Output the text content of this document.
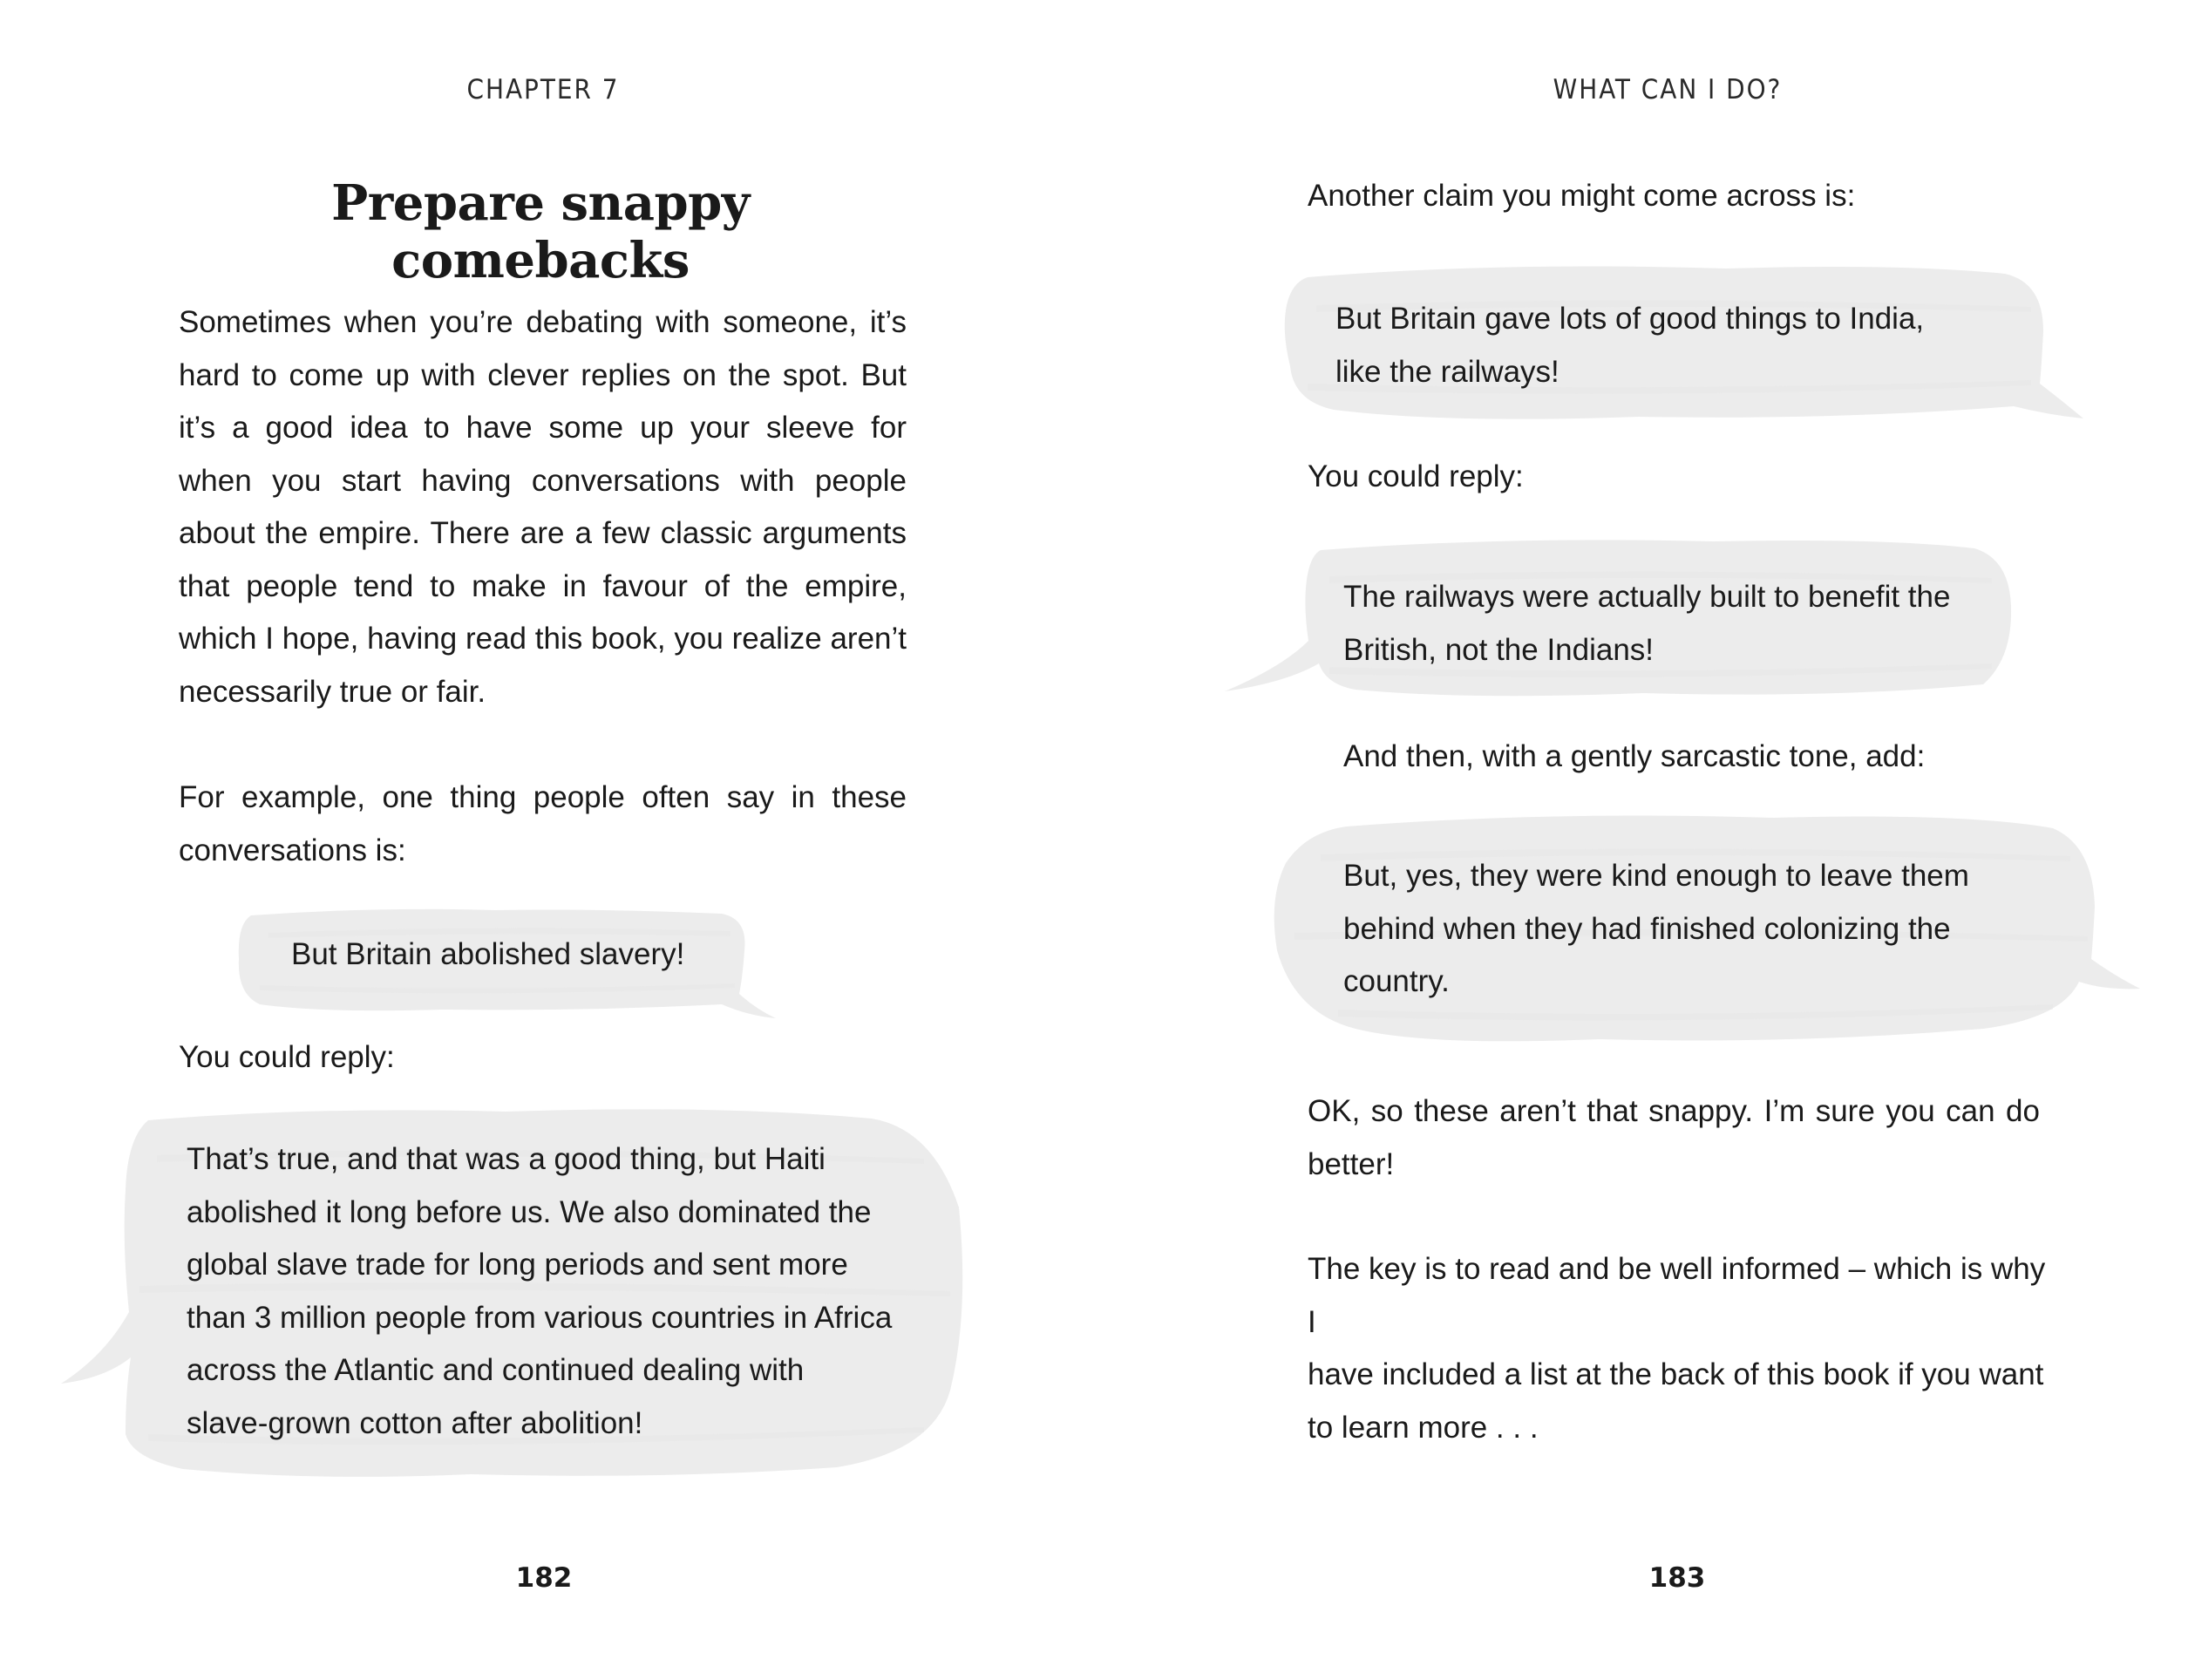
CHAPTER 7
Prepare snappy comebacks

Sometimes when you’re debating with someone, it’s hard to come up with clever replies on the spot. But it’s a good idea to have some up your sleeve for when you start having conversations with people about the empire. There are a few classic arguments that people tend to make in favour of the empire, which I hope, having read this book, you realize aren’t necessarily true or fair.

For example, one thing people often say in these conversations is:

But Britain abolished slavery!

You could reply:

That’s true, and that was a good thing, but Haiti
abolished it long before us. We also dominated the
global slave trade for long periods and sent more
than 3 million people from various countries in Africa
across the Atlantic and continued dealing with
slave-grown cotton after abolition!
182
WHAT CAN I DO?

Another claim you might come across is:

But Britain gave lots of good things to India,
like the railways!

You could reply:

The railways were actually built to benefit the
British, not the Indians!

And then, with a gently sarcastic tone, add:

But, yes, they were kind enough to leave them
behind when they had finished colonizing the
country.

OK, so these aren’t that snappy. I’m sure you can do better!

The key is to read and be well informed – which is why I
have included a list at the back of this book if you want
to learn more . . .
183
